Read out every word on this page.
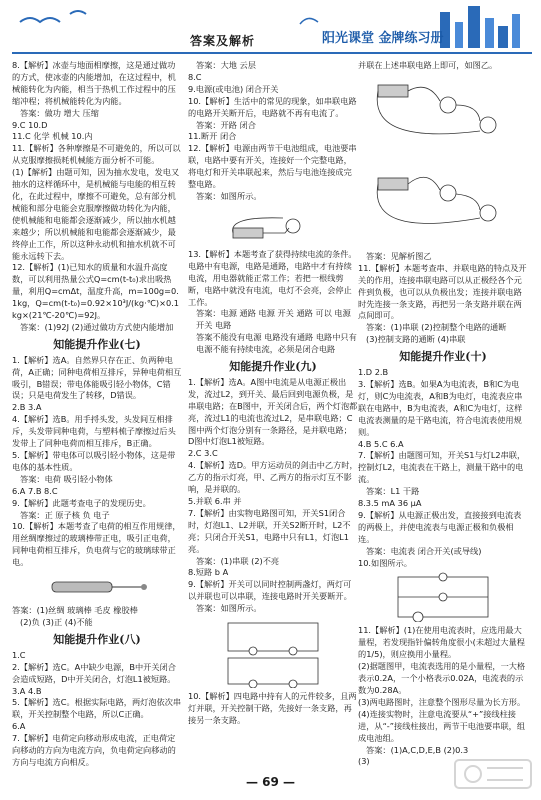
答案及解析	阳光课堂 金牌练习册

8.【解析】冰壶与地面相摩擦，这是通过做功的方式，使冰壶的内能增加，在这过程中，机械能转化为内能，相当于热机工作过程中的压缩冲程；将机械能转化为内能。

答案：做功 增大 压缩

9.C 10.D

11.C 化学 机械 10.内

11.【解析】各种摩擦是不可避免的，所以可以从克服摩擦损耗机械能方面分析不可能。

(1)【解析】由题可知，因为抽水发电，发电又抽水的这样循环中，是机械能与电能的相互转化，在此过程中，摩擦不可避免，总有部分机械能和部分电能会克服摩擦做功转化为内能，使机械能和电能都会逐渐减少，所以抽水机越来越少；所以机械能和电能都会逐渐减少，最终停止工作，所以这种永动机和抽水机就不可能永远转下去。

12.【解析】(1)已知水的质量和水温升高度数，可以利用热量公式Q=cm(t-t₀)求出吸热量，利用Q=cmΔt，温度升高，m=100g=0.1kg，Q=cm(t-t₀)=0.92×10³J/(kg·℃)×0.1kg×(21℃-20℃)=92J。

答案：(1)92J (2)通过做功方式使内能增加

知能提升作业(七)

1.【解析】选A。自然界只存在正、负两种电荷，A正确；同种电荷相互排斥，异种电荷相互吸引，B错误；带电体能吸引轻小物体，C错误；只是电荷发生了转移，D错误。

2.B 3.A

4.【解析】选B。用手捋头发，头发间互相排斥，头发带同种电荷，与塑料梳子摩擦过后头发带上了同种电荷而相互排斥，B正确。

5.【解析】带电体可以吸引轻小物体，这是带电体的基本性质。

答案：电荷 吸引轻小物体

6.A 7.B 8.C

9.【解析】此题考查电子的发现历史。

答案：正 原子核 负 电子

10.【解析】本题考查了电荷的相互作用规律，用丝绸摩擦过的玻璃棒带正电，吸引正电荷，同种电荷相互排斥，负电荷与它的玻璃球带正电。

答案：(1)丝绸 玻璃棒 毛皮 橡胶棒

(2)负 (3)正 (4)不能

知能提升作业(八)

1.C

2.【解析】选C。A中缺少电源，B中开关闭合会造成短路，D中开关闭合，灯泡L1被短路。

3.A 4.B

5.【解析】选C。根据实际电路，两灯泡依次串联，开关控制整个电路，所以C正确。

6.A

7.【解析】电荷定向移动形成电流，正电荷定向移动的方向为电流方向，负电荷定向移动的方向与电流方向相反。

答案：大地 云层

8.C

9.电源(或电池) 闭合开关

10.【解析】生活中的常见的现象，如串联电路的电路开关断开后，电路就不再有电流了。

答案：开路 闭合

11.断开 闭合

12.【解析】电源由两节干电池组成，电池要串联，电路中要有开关，连接好一个完整电路，将电灯和开关串联起来，然后与电池连接成完整电路。

答案：如图所示。

13.【解析】本题考查了获得持续电流的条件。电路中有电源，电路是通路，电路中才有持续电流，用电器就能正常工作；若把一根线剪断，电路中就没有电流，电灯不会亮，会停止工作。

答案：电源 通路 电源 开关 通路 可以 电源 开关 电路

答案不能没有电源 电路没有通路 电路中只有电源不能有持续电流，必须是闭合电路

知能提升作业(九)

1.【解析】选A。A图中电流是从电源正极出发，流过L2，到开关、最后回到电源负极，是串联电路；在B图中，开关闭合后，两个灯泡都亮，流过L1的电流也流过L2，是串联电路；C图中两个灯泡分别有一条路径，是并联电路；D图中灯泡L1被短路。

2.C 3.C

4.【解析】选D。甲方运动员的剑击中乙方时，乙方的指示灯亮，甲、乙两方的指示灯互不影响，是并联的。

5.并联 6.串 并

7.【解析】由实物电路图可知，开关S1闭合时，灯泡L1、L2并联，开关S2断开时，L2不亮；只闭合开关S1，电路中只有L1，灯泡L1亮。

答案：(1)串联 (2)不亮

8.短路 b A

9.【解析】开关可以同时控制两盏灯，两灯可以并联也可以串联，连接电路时开关要断开。

答案：如图所示。

10.【解析】四电路中持有人的元件较多，且两灯并联，开关控制干路，先接好一条支路，再接另一条支路。

并联在上述串联电路上即可，如图乙。

答案：见解析图乙

11.【解析】本题考查串、并联电路的特点及开关的作用，连接串联电路可以从正极经各个元件到负极，也可以从负极出发；连接并联电路时先连接一条支路，再把另一条支路并联在两点间即可。

答案：(1)串联 (2)控制整个电路的通断

(3)控制支路的通断 (4)串联

知能提升作业(十)

1.D 2.B

3.【解析】选B。如果A为电流表，B和C为电灯，则C为电流表，A和B为电灯，电流表应串联在电路中，B为电流表，A和C为电灯，这样电流表测量的是干路电流，符合电流表使用规则。

4.B 5.C 6.A

7.【解析】由题图可知，开关S1与灯L2串联，控制灯L2，电流表在干路上，测量干路中的电流。

答案：L1 干路

8.3.5 mA 36 μA

9.【解析】从电源正极出发，直接接到电流表的两极上，并使电流表与电源正极和负极相连。

答案：电流表 闭合开关(或导线)

10.如图所示。

11.【解析】(1)在使用电流表时，应选用最大量程，若发现指针偏转角度很小(未超过大量程的1/5)，则应换用小量程。

(2)据题图甲，电流表选用的是小量程，一大格表示0.2A，一个小格表示0.02A，电流表的示数为0.28A。

(3)两电路图时，注意整个图形尽量为长方形。

(4)连接实物时，注意电流要从“+”接线柱接进，从“-”接线柱接出，两节干电池要串联，组成电池组。

答案：(1)A,C,D,E,B (2)0.3

(3)

— 69 —
